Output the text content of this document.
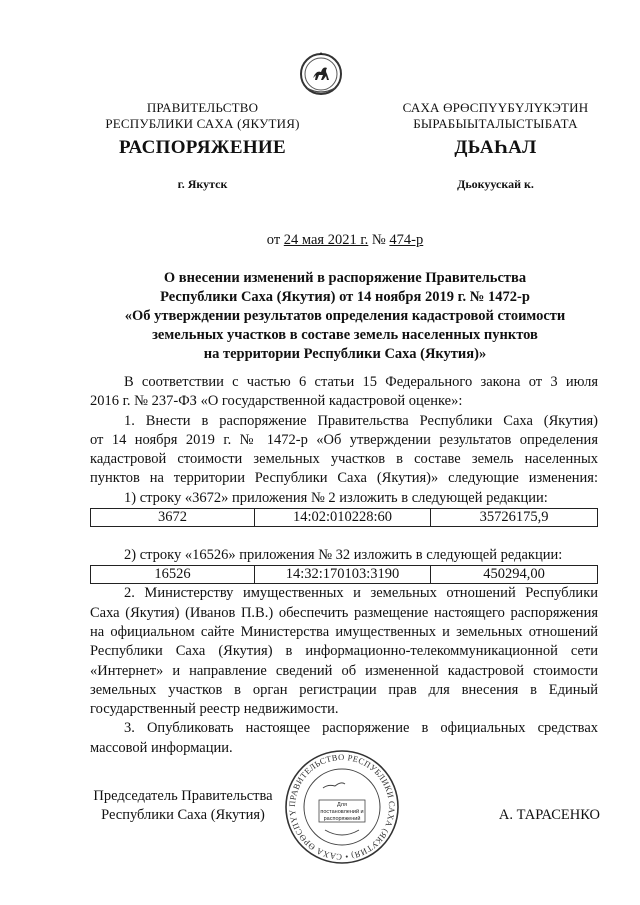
ПРАВИТЕЛЬСТВО
РЕСПУБЛИКИ САХА (ЯКУТИЯ)
САХА ӨРӨСПҮҮБҮЛҮКЭТИН
БЫРАБЫЫТАЛЫСТЫБАТА
РАСПОРЯЖЕНИЕ	ДЬАҺАЛ
г. Якутск	Дьокуускай к.
от 24 мая 2021 г. № 474-р
О внесении изменений в распоряжение Правительства
Республики Саха (Якутия) от 14 ноября 2019 г. № 1472-р
«Об утверждении результатов определения кадастровой стоимости
земельных участков в составе земель населенных пунктов
на территории Республики Саха (Якутия)»
В соответствии с частью 6 статьи 15 Федерального закона от 3 июля
2016 г. № 237-ФЗ «О государственной кадастровой оценке»:
1. Внести в распоряжение Правительства Республики Саха (Якутия)
от 14 ноября 2019 г. № 1472-р «Об утверждении результатов определения
кадастровой стоимости земельных участков в составе земель населенных
пунктов на территории Республики Саха (Якутия)» следующие изменения:
1) строку «3672» приложения № 2 изложить в следующей редакции:
3672	14:02:010228:60	35726175,9
2) строку «16526» приложения № 32 изложить в следующей редакции:
16526	14:32:170103:3190	450294,00
2. Министерству имущественных и земельных отношений Республики
Саха (Якутия) (Иванов П.В.) обеспечить размещение настоящего распоряжения
на официальном сайте Министерства имущественных и земельных отношений
Республики Саха (Якутия) в информационно-телекоммуникационной сети
«Интернет» и направление сведений об измененной кадастровой стоимости
земельных участков в орган регистрации прав для внесения в Единый
государственный реестр недвижимости.
3. Опубликовать настоящее распоряжение в официальных средствах
массовой информации.
Председатель Правительства
Республики Саха (Якутия)	А. ТАРАСЕНКО
ПРАВИТЕЛЬСТВО РЕСПУБЛИКИ САХА (ЯКУТИЯ) • САХА ӨРӨСПҮҮ
Для
постановлений и
распоряжений
